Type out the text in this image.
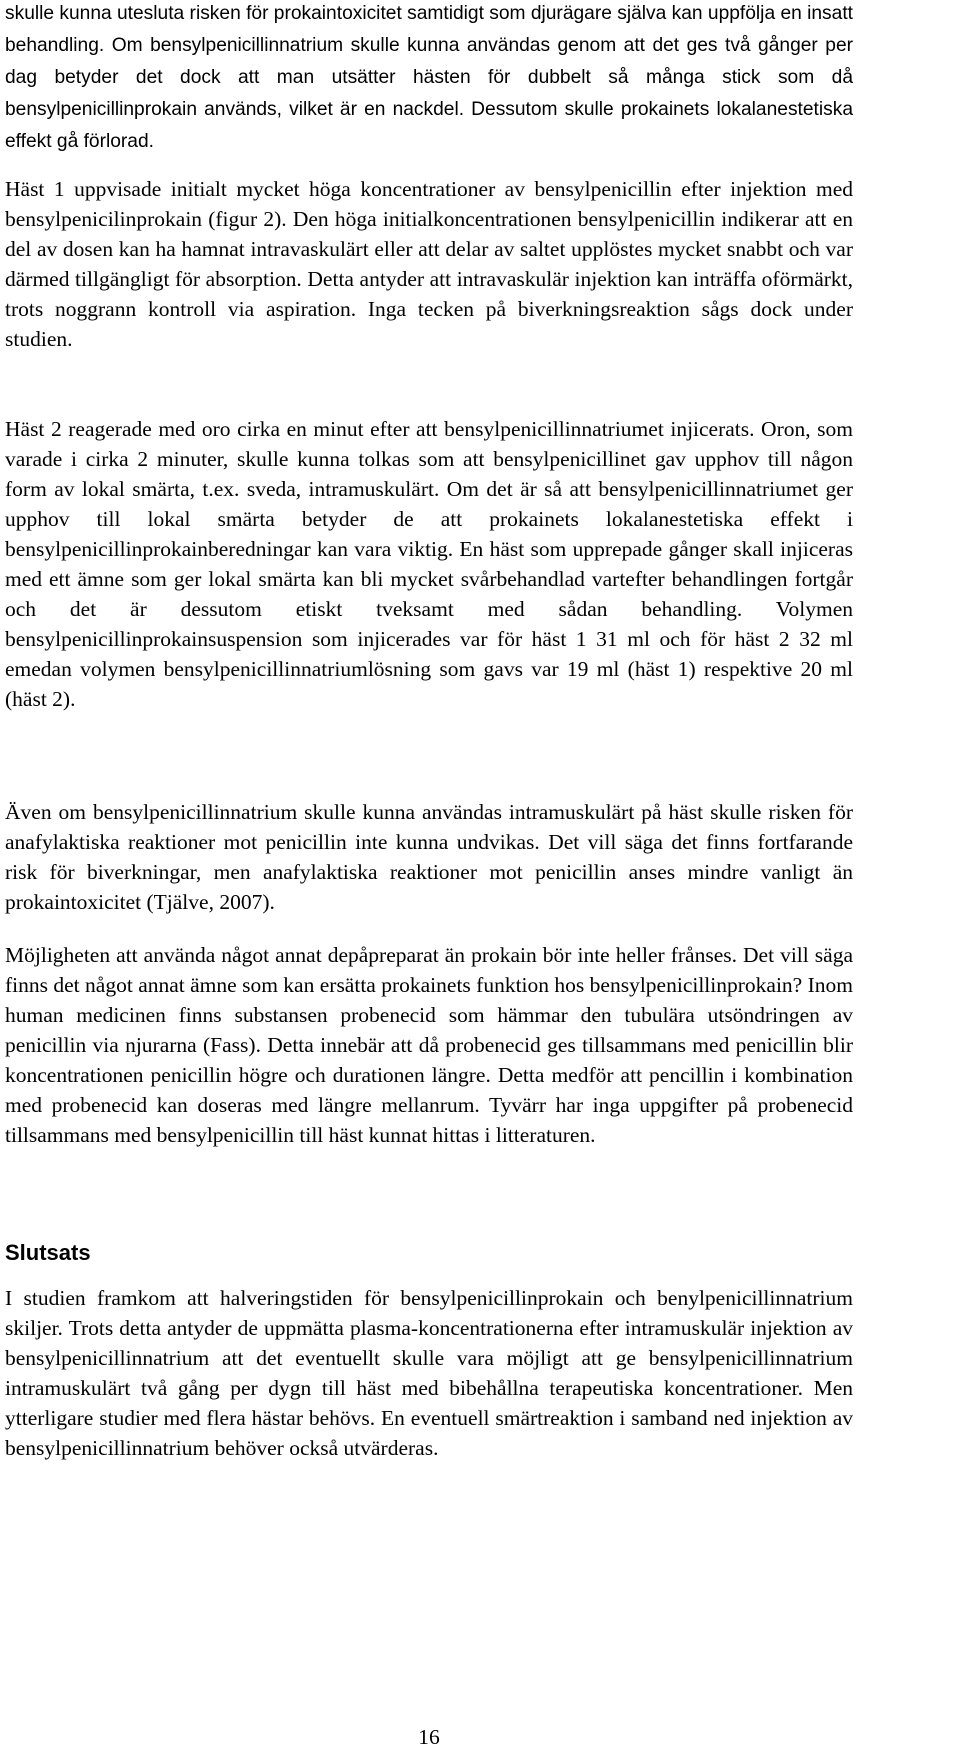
skulle kunna utesluta risken för prokaintoxicitet samtidigt som djurägare själva kan uppfölja en insatt behandling. Om bensylpenicillinnatrium skulle kunna användas genom att det ges två gånger per dag betyder det dock att man utsätter hästen för dubbelt så många stick som då bensylpenicillinprokain används, vilket är en nackdel. Dessutom skulle prokainets lokalanestetiska effekt gå förlorad.

Häst 1 uppvisade initialt mycket höga koncentrationer av bensylpenicillin efter injektion med bensylpenicilinprokain (figur 2). Den höga initialkoncentrationen bensylpenicillin indikerar att en del av dosen kan ha hamnat intravaskulärt eller att delar av saltet upplöstes mycket snabbt och var därmed tillgängligt för absorption. Detta antyder att intravaskulär injektion kan inträffa oförmärkt, trots noggrann kontroll via aspiration. Inga tecken på biverkningsreaktion sågs dock under studien.

Häst 2 reagerade med oro cirka en minut efter att bensylpenicillinnatriumet injicerats. Oron, som varade i cirka 2 minuter, skulle kunna tolkas som att bensylpenicillinet gav upphov till någon form av lokal smärta, t.ex. sveda, intramuskulärt. Om det är så att bensylpenicillinnatriumet ger upphov till lokal smärta betyder de att prokainets lokalanestetiska effekt i bensylpenicillinprokainberedningar kan vara viktig. En häst som upprepade gånger skall injiceras med ett ämne som ger lokal smärta kan bli mycket svårbehandlad vartefter behandlingen fortgår och det är dessutom etiskt tveksamt med sådan behandling. Volymen bensylpenicillinprokainsuspension som injicerades var för häst 1 31 ml och för häst 2 32 ml emedan volymen bensylpenicillinnatriumlösning som gavs var 19 ml (häst 1) respektive 20 ml (häst 2).

Även om bensylpenicillinnatrium skulle kunna användas intramuskulärt på häst skulle risken för anafylaktiska reaktioner mot penicillin inte kunna undvikas. Det vill säga det finns fortfarande risk för biverkningar, men anafylaktiska reaktioner mot penicillin anses mindre vanligt än prokaintoxicitet (Tjälve, 2007).

Möjligheten att använda något annat depåpreparat än prokain bör inte heller frånses. Det vill säga finns det något annat ämne som kan ersätta prokainets funktion hos bensylpenicillinprokain? Inom human medicinen finns substansen probenecid som hämmar den tubulära utsöndringen av penicillin via njurarna (Fass). Detta innebär att då probenecid ges tillsammans med penicillin blir koncentrationen penicillin högre och durationen längre. Detta medför att pencillin i kombination med probenecid kan doseras med längre mellanrum. Tyvärr har inga uppgifter på probenecid tillsammans med bensylpenicillin till häst kunnat hittas i litteraturen.

Slutsats

I studien framkom att halveringstiden för bensylpenicillinprokain och benylpenicillinnatrium skiljer. Trots detta antyder de uppmätta plasma-koncentrationerna efter intramuskulär injektion av bensylpenicillinnatrium att det eventuellt skulle vara möjligt att ge bensylpenicillinnatrium intramuskulärt två gång per dygn till häst med bibehållna terapeutiska koncentrationer. Men ytterligare studier med flera hästar behövs. En eventuell smärtreaktion i samband ned injektion av bensylpenicillinnatrium behöver också utvärderas.

16
